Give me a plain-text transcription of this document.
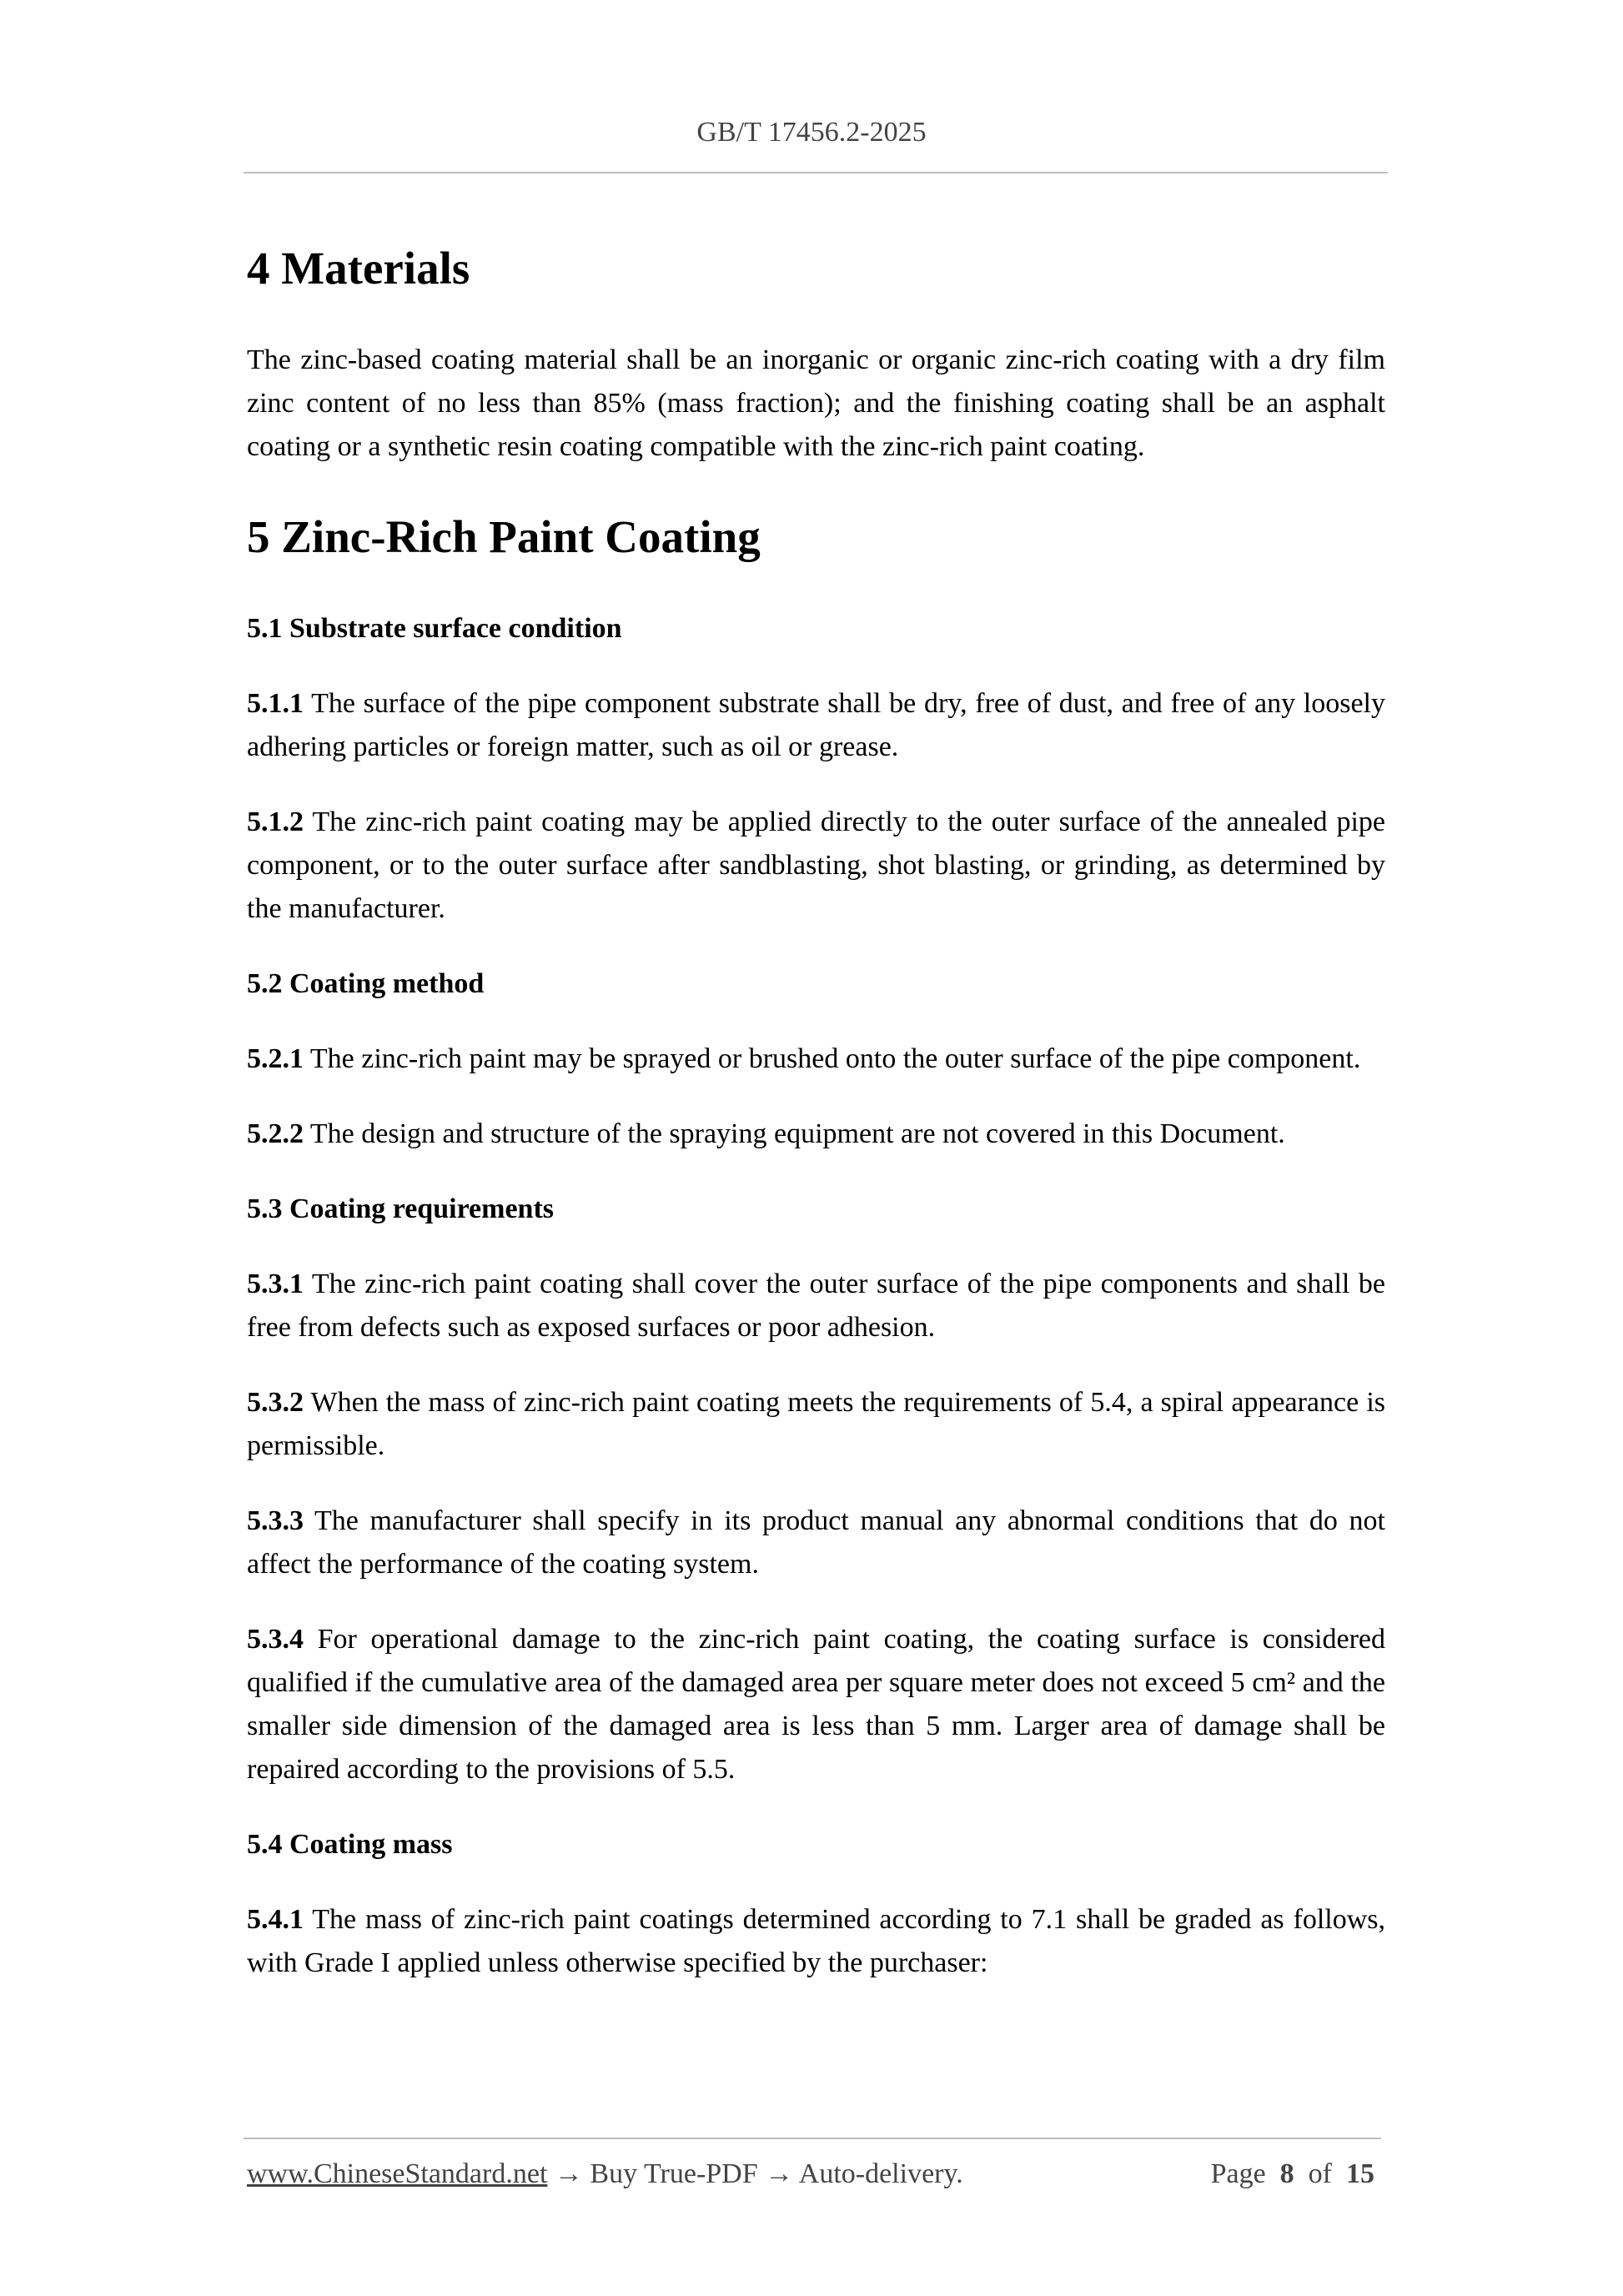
GB/T 17456.2-2025
4 Materials

The zinc-based coating material shall be an inorganic or organic zinc-rich coating with a dry film zinc content of no less than 85% (mass fraction); and the finishing coating shall be an asphalt coating or a synthetic resin coating compatible with the zinc-rich paint coating.

5 Zinc-Rich Paint Coating
5.1 Substrate surface condition

5.1.1 The surface of the pipe component substrate shall be dry, free of dust, and free of any loosely adhering particles or foreign matter, such as oil or grease.

5.1.2 The zinc-rich paint coating may be applied directly to the outer surface of the annealed pipe component, or to the outer surface after sandblasting, shot blasting, or grinding, as determined by the manufacturer.

5.2 Coating method

5.2.1 The zinc-rich paint may be sprayed or brushed onto the outer surface of the pipe component.

5.2.2 The design and structure of the spraying equipment are not covered in this Document.

5.3 Coating requirements

5.3.1 The zinc-rich paint coating shall cover the outer surface of the pipe components and shall be free from defects such as exposed surfaces or poor adhesion.

5.3.2 When the mass of zinc-rich paint coating meets the requirements of 5.4, a spiral appearance is permissible.

5.3.3 The manufacturer shall specify in its product manual any abnormal conditions that do not affect the performance of the coating system.

5.3.4 For operational damage to the zinc-rich paint coating, the coating surface is considered qualified if the cumulative area of the damaged area per square meter does not exceed 5 cm² and the smaller side dimension of the damaged area is less than 5 mm. Larger area of damage shall be repaired according to the provisions of 5.5.

5.4 Coating mass

5.4.1 The mass of zinc-rich paint coatings determined according to 7.1 shall be graded as follows, with Grade I applied unless otherwise specified by the purchaser:

www.ChineseStandard.net → Buy True-PDF → Auto-delivery.	Page 8 of 15
